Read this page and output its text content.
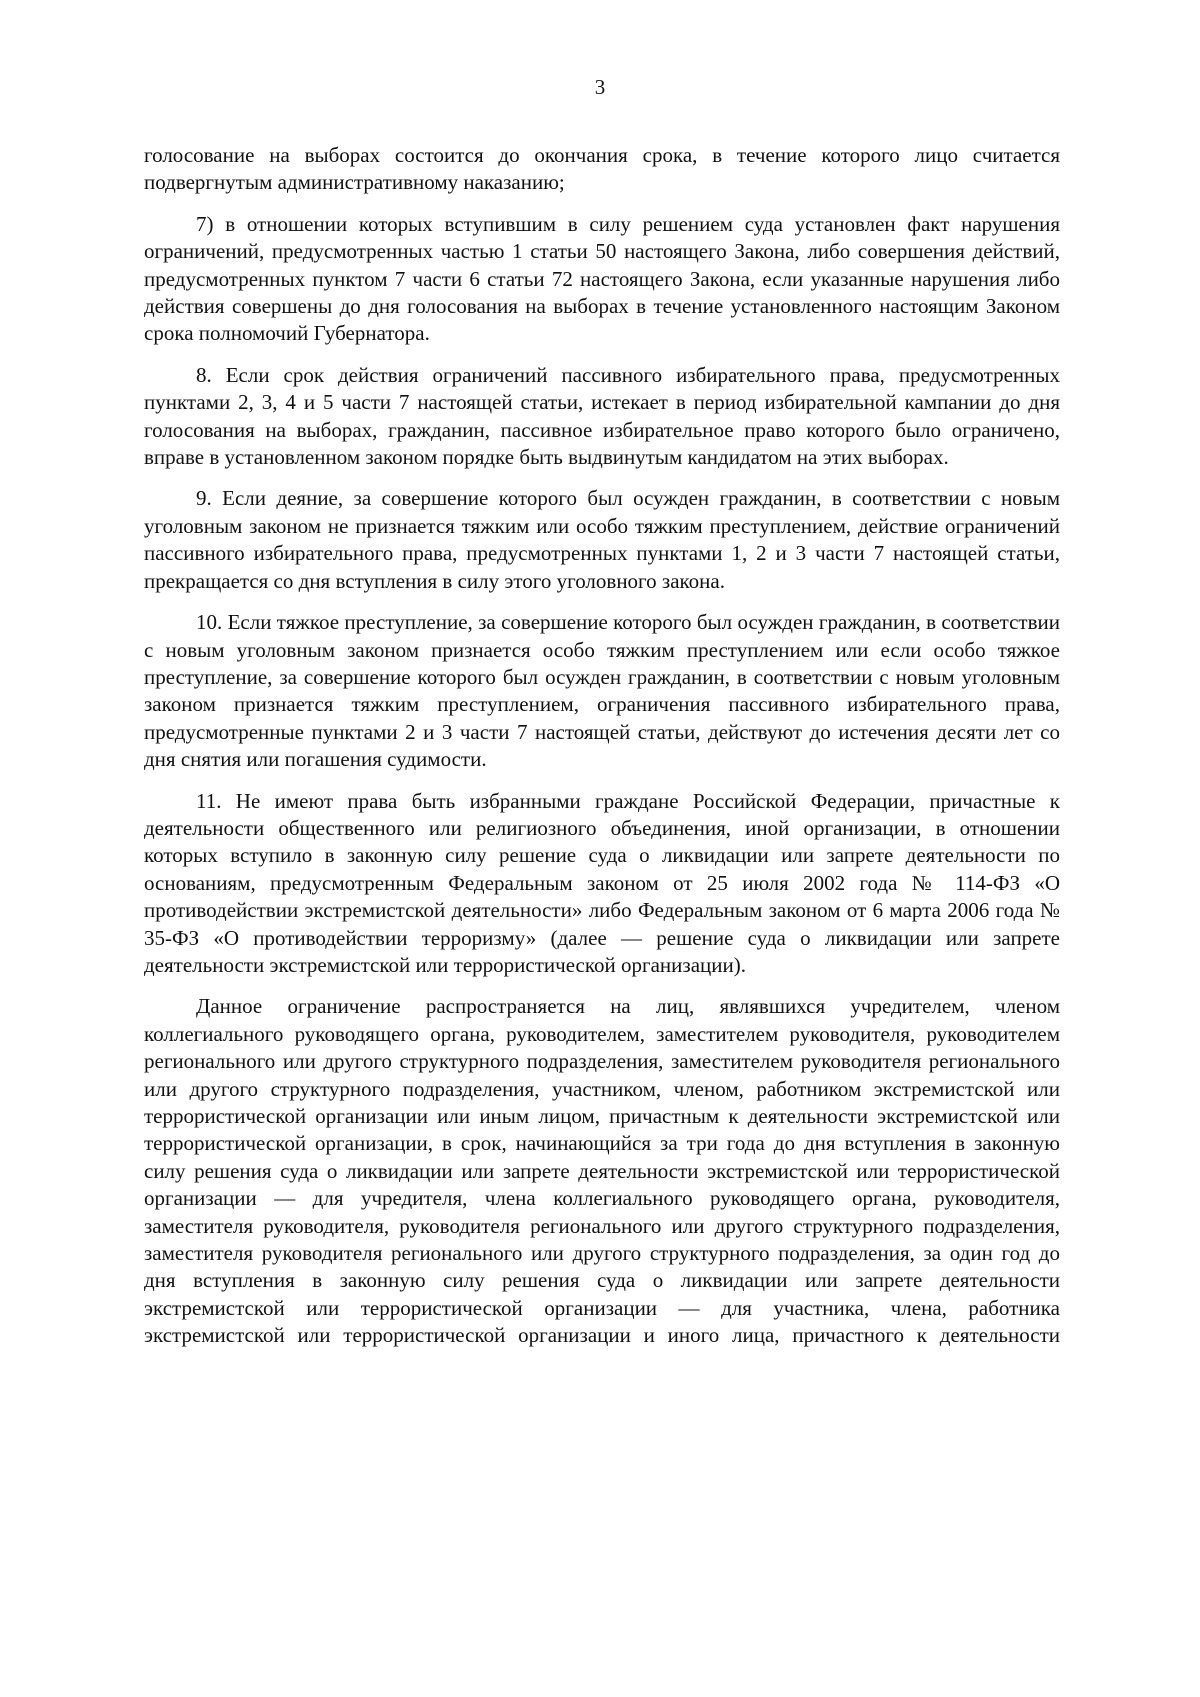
3

голосование на выборах состоится до окончания срока, в течение которого лицо считается подвергнутым административному наказанию;

7) в отношении которых вступившим в силу решением суда установлен факт нарушения ограничений, предусмотренных частью 1 статьи 50 настоящего Закона, либо совершения действий, предусмотренных пунктом 7 части 6 статьи 72 настоящего Закона, если указанные нарушения либо действия совершены до дня голосования на выборах в течение установленного настоящим Законом срока полномочий Губернатора.

8. Если срок действия ограничений пассивного избирательного права, предусмотренных пунктами 2, 3, 4 и 5 части 7 настоящей статьи, истекает в период избирательной кампании до дня голосования на выборах, гражданин, пассивное избирательное право которого было ограничено, вправе в установленном законом порядке быть выдвинутым кандидатом на этих выборах.

9. Если деяние, за совершение которого был осужден гражданин, в соответствии с новым уголовным законом не признается тяжким или особо тяжким преступлением, действие ограничений пассивного избирательного права, предусмотренных пунктами 1, 2 и 3 части 7 настоящей статьи, прекращается со дня вступления в силу этого уголовного закона.

10. Если тяжкое преступление, за совершение которого был осужден гражданин, в соответствии с новым уголовным законом признается особо тяжким преступлением или если особо тяжкое преступление, за совершение которого был осужден гражданин, в соответствии с новым уголовным законом признается тяжким преступлением, ограничения пассивного избирательного права, предусмотренные пунктами 2 и 3 части 7 настоящей статьи, действуют до истечения десяти лет со дня снятия или погашения судимости.

11. Не имеют права быть избранными граждане Российской Федерации, причастные к деятельности общественного или религиозного объединения, иной организации, в отношении которых вступило в законную силу решение суда о ликвидации или запрете деятельности по основаниям, предусмотренным Федеральным законом от 25 июля 2002 года № 114-ФЗ «О противодействии экстремистской деятельности» либо Федеральным законом от 6 марта 2006 года № 35-ФЗ «О противодействии терроризму» (далее — решение суда о ликвидации или запрете деятельности экстремистской или террористической организации).

Данное ограничение распространяется на лиц, являвшихся учредителем, членом коллегиального руководящего органа, руководителем, заместителем руководителя, руководителем регионального или другого структурного подразделения, заместителем руководителя регионального или другого структурного подразделения, участником, членом, работником экстремистской или террористической организации или иным лицом, причастным к деятельности экстремистской или террористической организации, в срок, начинающийся за три года до дня вступления в законную силу решения суда о ликвидации или запрете деятельности экстремистской или террористической организации — для учредителя, члена коллегиального руководящего органа, руководителя, заместителя руководителя, руководителя регионального или другого структурного подразделения, заместителя руководителя регионального или другого структурного подразделения, за один год до дня вступления в законную силу решения суда о ликвидации или запрете деятельности экстремистской или террористической организации — для участника, члена, работника экстремистской или террористической организации и иного лица, причастного к деятельности
